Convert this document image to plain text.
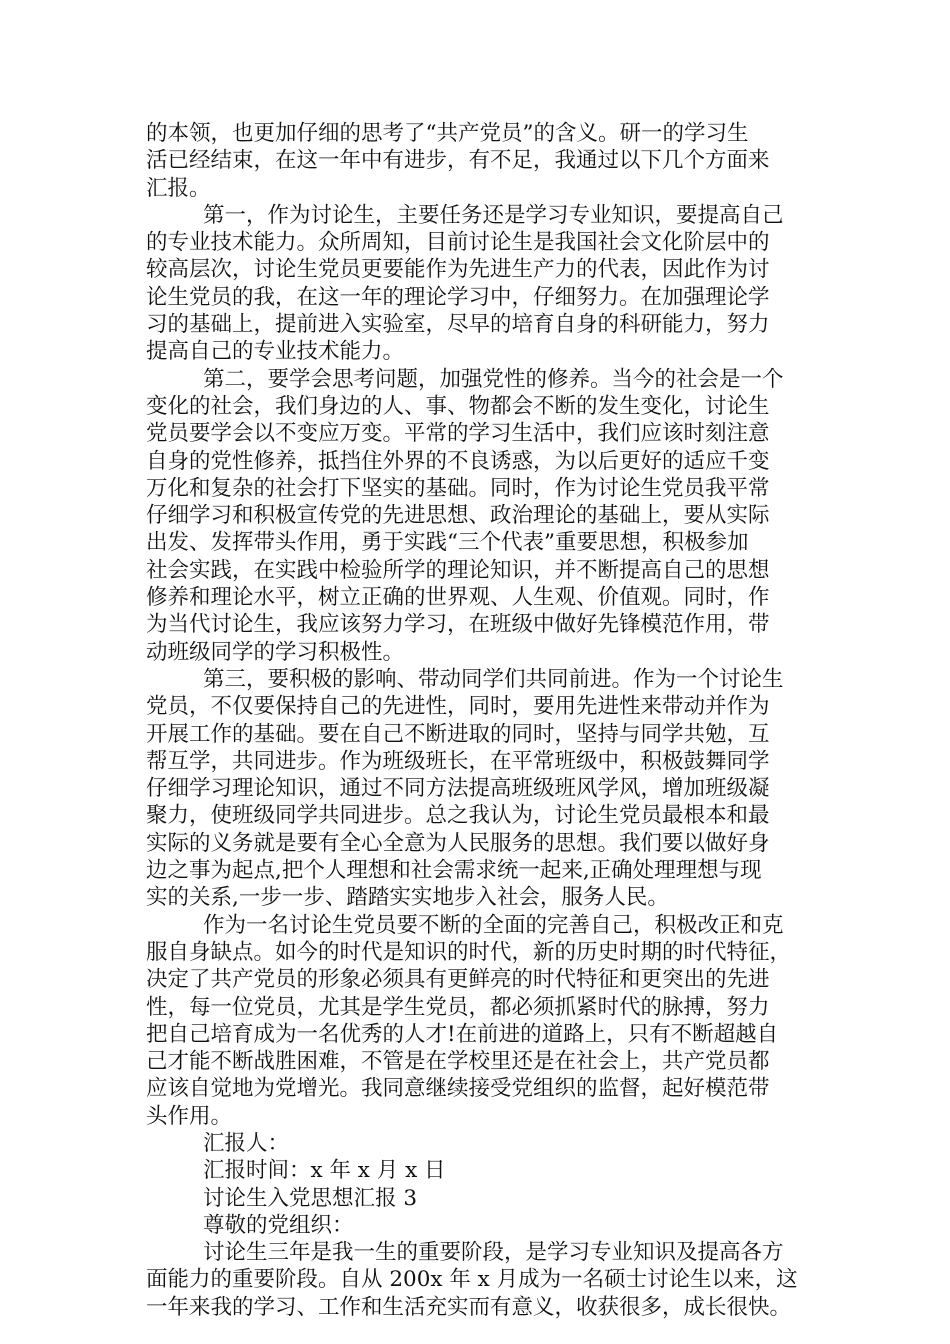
的本领，也更加仔细的思考了“共产党员”的含义。研一的学习生
活已经结束，在这一年中有进步，有不足，我通过以下几个方面来
汇报。
第一，作为讨论生，主要任务还是学习专业知识，要提高自己
的专业技术能力。众所周知，目前讨论生是我国社会文化阶层中的
较高层次，讨论生党员更要能作为先进生产力的代表，因此作为讨
论生党员的我，在这一年的理论学习中，仔细努力。在加强理论学
习的基础上，提前进入实验室，尽早的培育自身的科研能力，努力
提高自己的专业技术能力。
第二，要学会思考问题，加强党性的修养。当今的社会是一个
变化的社会，我们身边的人、事、物都会不断的发生变化，讨论生
党员要学会以不变应万变。平常的学习生活中，我们应该时刻注意
自身的党性修养，抵挡住外界的不良诱惑，为以后更好的适应千变
万化和复杂的社会打下坚实的基础。同时，作为讨论生党员我平常
仔细学习和积极宣传党的先进思想、政治理论的基础上，要从实际
出发、发挥带头作用，勇于实践“三个代表”重要思想，积极参加
社会实践，在实践中检验所学的理论知识，并不断提高自己的思想
修养和理论水平，树立正确的世界观、人生观、价值观。同时，作
为当代讨论生，我应该努力学习，在班级中做好先锋模范作用，带
动班级同学的学习积极性。
第三，要积极的影响、带动同学们共同前进。作为一个讨论生
党员，不仅要保持自己的先进性，同时，要用先进性来带动并作为
开展工作的基础。要在自己不断进取的同时，坚持与同学共勉，互
帮互学，共同进步。作为班级班长，在平常班级中，积极鼓舞同学
仔细学习理论知识，通过不同方法提高班级班风学风，增加班级凝
聚力，使班级同学共同进步。总之我认为，讨论生党员最根本和最
实际的义务就是要有全心全意为人民服务的思想。我们要以做好身
边之事为起点,把个人理想和社会需求统一起来,正确处理理想与现
实的关系,一步一步、踏踏实实地步入社会，服务人民。
作为一名讨论生党员要不断的全面的完善自己，积极改正和克
服自身缺点。如今的时代是知识的时代，新的历史时期的时代特征，
决定了共产党员的形象必须具有更鲜亮的时代特征和更突出的先进
性，每一位党员，尤其是学生党员，都必须抓紧时代的脉搏，努力
把自己培育成为一名优秀的人才!在前进的道路上，只有不断超越自
己才能不断战胜困难，不管是在学校里还是在社会上，共产党员都
应该自觉地为党增光。我同意继续接受党组织的监督，起好模范带
头作用。
汇报人：
汇报时间：x 年 x 月 x 日
讨论生入党思想汇报 3
尊敬的党组织：
讨论生三年是我一生的重要阶段，是学习专业知识及提高各方
面能力的重要阶段。自从 200x 年 x 月成为一名硕士讨论生以来，这
一年来我的学习、工作和生活充实而有意义，收获很多，成长很快。
